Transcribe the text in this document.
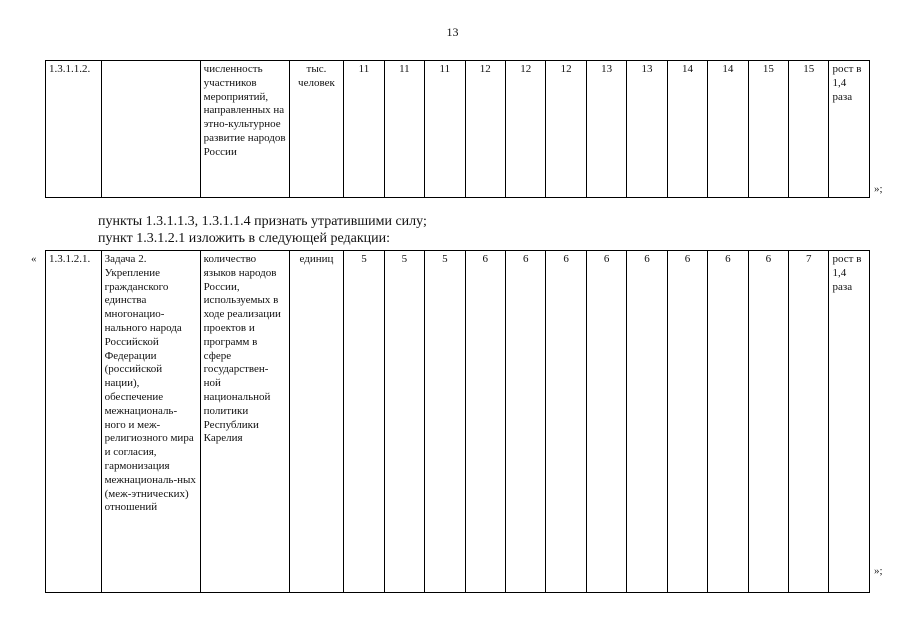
13
1.3.1.1.2.		численность участников мероприятий, направленных на этно-культурное развитие народов России	тыс. человек	11	11	11	12	12	12	13	13	14	14	15	15	рост в 1,4 раза
»;
пункты 1.3.1.1.3, 1.3.1.1.4 признать утратившими силу;
пункт 1.3.1.2.1 изложить в следующей редакции:
« 1.3.1.2.1.	Задача 2. Укрепление гражданского единства многонацио-нального народа Российской Федерации (российской нации), обеспечение межнациональ-ного и меж-религиозного мира и согласия, гармонизация межнациональ-ных (меж-этнических) отношений	количество языков народов России, используемых в ходе реализации проектов и программ в сфере государствен-ной национальной политики Республики Карелия	единиц	5	5	5	6	6	6	6	6	6	6	6	7	рост в 1,4 раза
»;
